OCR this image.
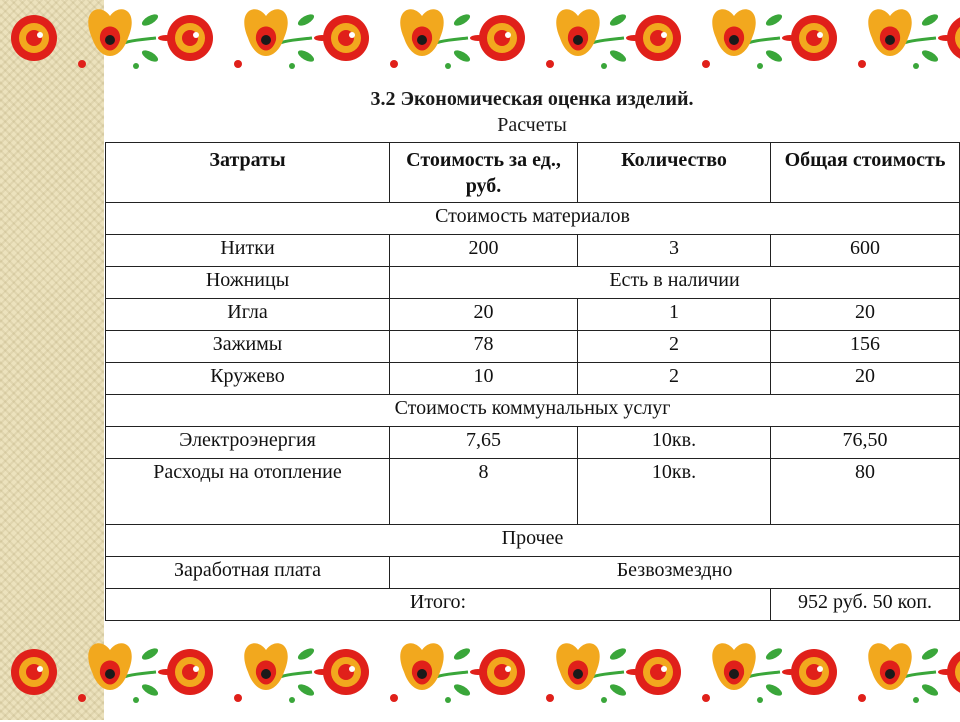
3.2 Экономическая оценка изделий.
Расчеты
Затраты	Стоимость за ед., руб.	Количество	Общая стоимость
Стоимость материалов			
Нитки	200	3	600
Ножницы	Есть в наличии		
Игла	20	1	20
Зажимы	78	2	156
Кружево	10	2	20
Стоимость коммунальных услуг			
Электроэнергия	7,65	10кв.	76,50
Расходы на отопление	8	10кв.	80
Прочее			
Заработная плата	Безвозмездно		
Итого:			952 руб. 50 коп.
